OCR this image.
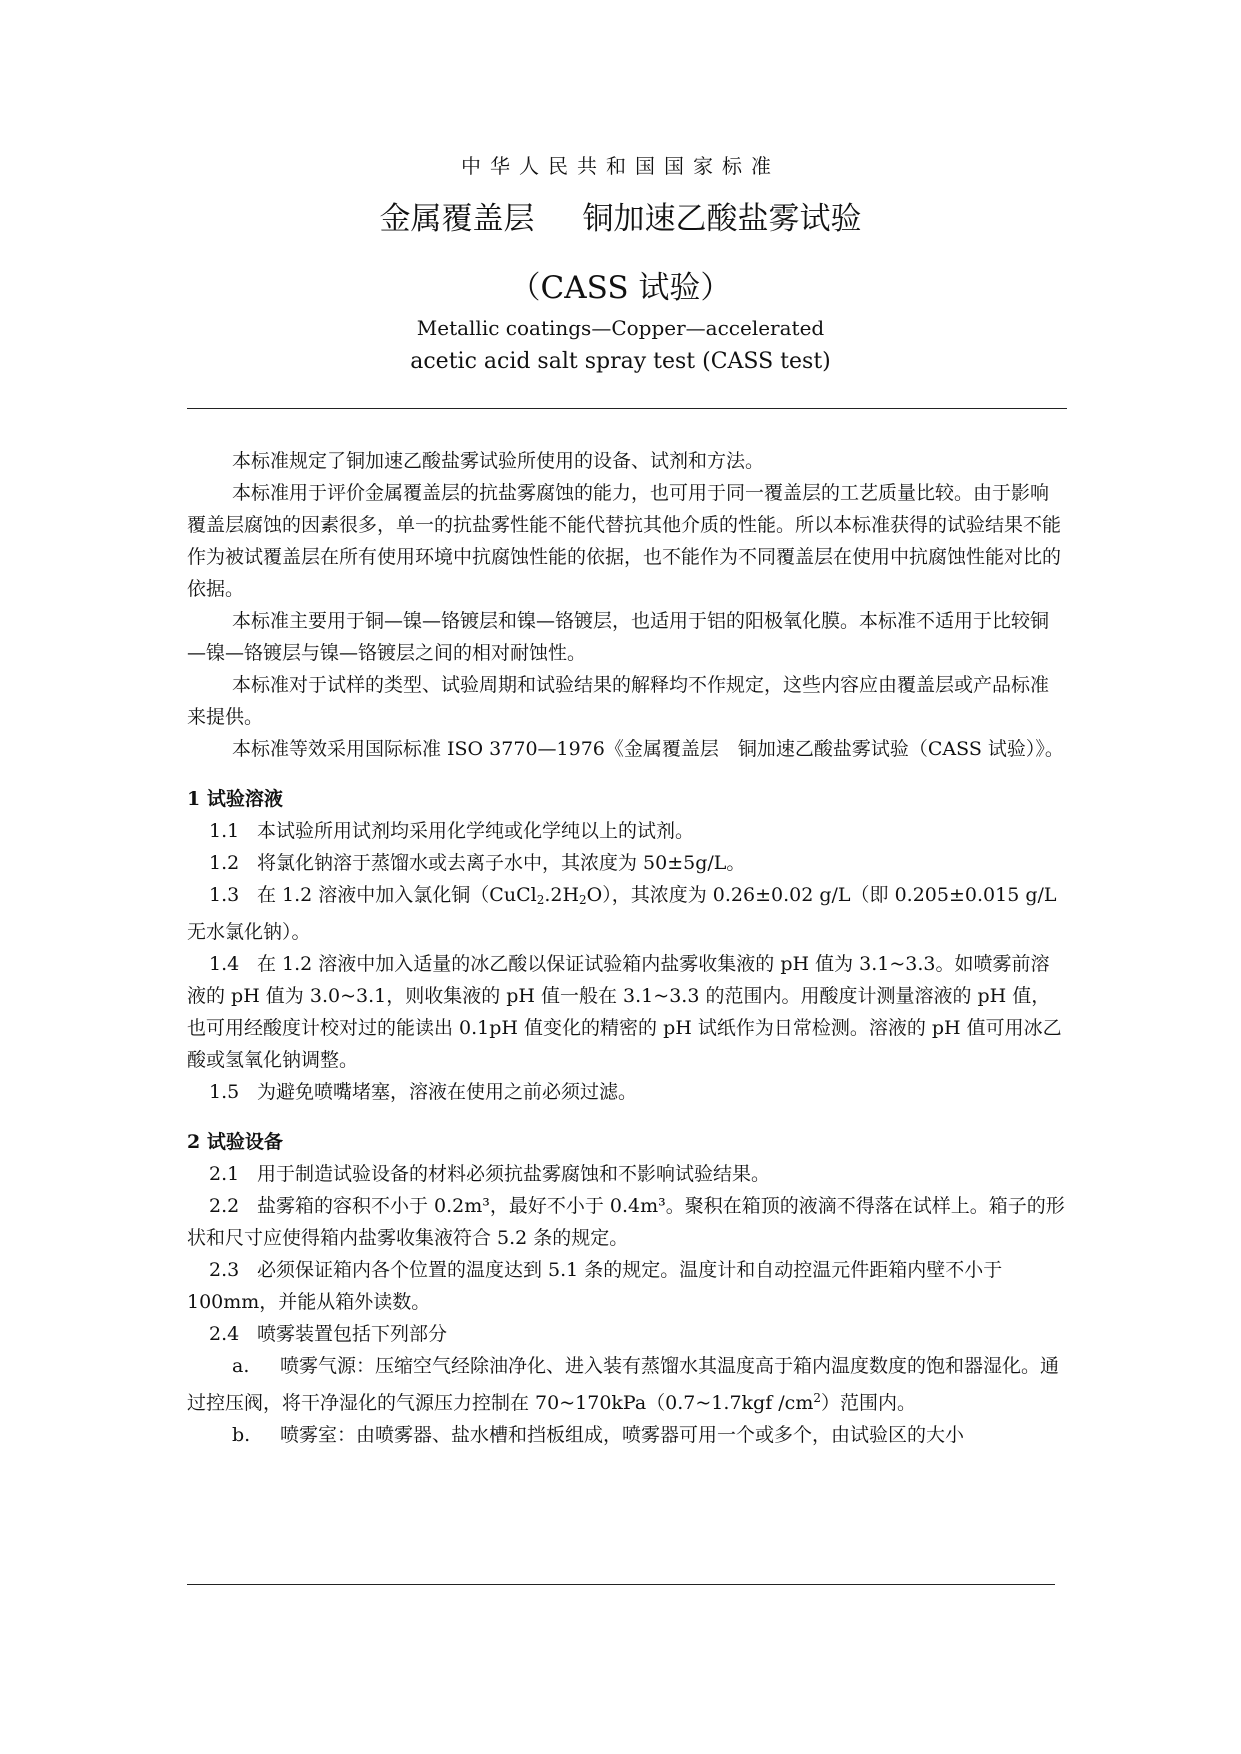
中华人民共和国国家标准
金属覆盖层 铜加速乙酸盐雾试验
（CASS 试验）
Metallic coatings—Copper—accelerated
acetic acid salt spray test (CASS test)

本标准规定了铜加速乙酸盐雾试验所使用的设备、试剂和方法。

本标准用于评价金属覆盖层的抗盐雾腐蚀的能力，也可用于同一覆盖层的工艺质量比较。由于影响覆盖层腐蚀的因素很多，单一的抗盐雾性能不能代替抗其他介质的性能。所以本标准获得的试验结果不能作为被试覆盖层在所有使用环境中抗腐蚀性能的依据，也不能作为不同覆盖层在使用中抗腐蚀性能对比的依据。

本标准主要用于铜—镍—铬镀层和镍—铬镀层，也适用于铝的阳极氧化膜。本标准不适用于比较铜—镍—铬镀层与镍—铬镀层之间的相对耐蚀性。

本标准对于试样的类型、试验周期和试验结果的解释均不作规定，这些内容应由覆盖层或产品标准来提供。

本标准等效采用国际标准 ISO 3770—1976《金属覆盖层　铜加速乙酸盐雾试验（CASS 试验）》。

1 试验溶液

1.1 本试验所用试剂均采用化学纯或化学纯以上的试剂。

1.2 将氯化钠溶于蒸馏水或去离子水中，其浓度为 50±5g/L。

1.3 在 1.2 溶液中加入氯化铜$(CuCl_2.2H_2O)$，其浓度为 0.26±0.02 g/L（即 0.205±0.015 g/L 无水氯化钠）。

1.4 在 1.2 溶液中加入适量的冰乙酸以保证试验箱内盐雾收集液的 pH 值为 3.1~3.3。如喷雾前溶液的 pH 值为 3.0~3.1，则收集液的 pH 值一般在 3.1~3.3 的范围内。用酸度计测量溶液的 pH 值，也可用经酸度计校对过的能读出 0.1pH 值变化的精密的 pH 试纸作为日常检测。溶液的 pH 值可用冰乙酸或氢氧化钠调整。

1.5 为避免喷嘴堵塞，溶液在使用之前必须过滤。

2 试验设备

2.1 用于制造试验设备的材料必须抗盐雾腐蚀和不影响试验结果。

2.2 盐雾箱的容积不小于 0.2m³，最好不小于 0.4m³。聚积在箱顶的液滴不得落在试样上。箱子的形状和尺寸应使得箱内盐雾收集液符合 5.2 条的规定。

2.3 必须保证箱内各个位置的温度达到 5.1 条的规定。温度计和自动控温元件距箱内壁不小于 100mm，并能从箱外读数。

2.4 喷雾装置包括下列部分

a. 喷雾气源：压缩空气经除油净化、进入装有蒸馏水其温度高于箱内温度数度的饱和器湿化。通过控压阀，将干净湿化的气源压力控制在 70~170kPa（0.7~1.7kgf $/cm^2$）范围内。

b. 喷雾室：由喷雾器、盐水槽和挡板组成，喷雾器可用一个或多个，由试验区的大小
